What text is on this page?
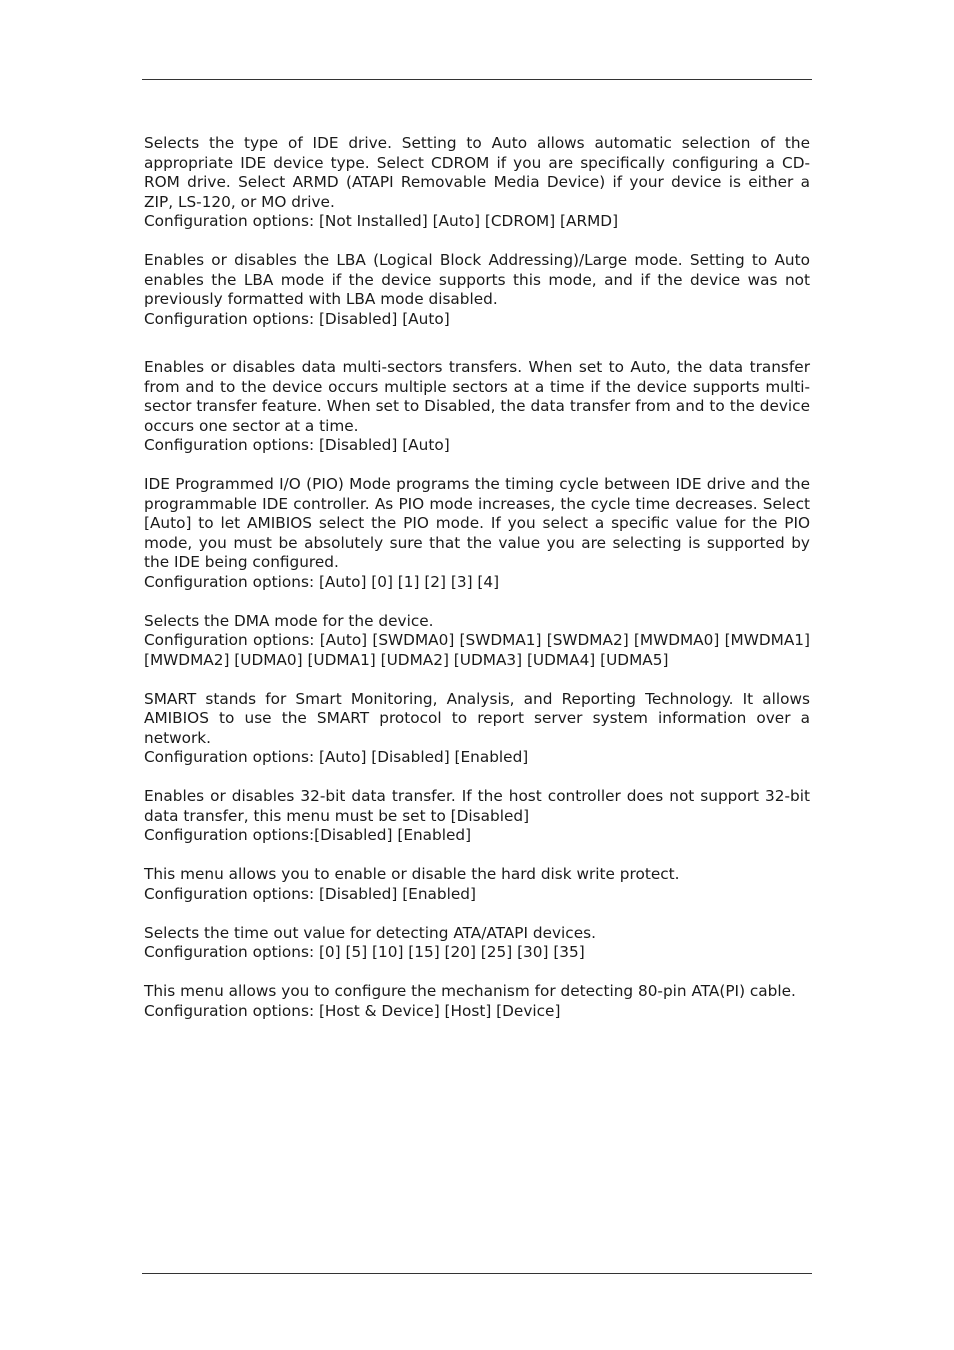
Selects the type of IDE drive. Setting to Auto allows automatic selection of the appropriate IDE device type. Select CDROM if you are specifically configuring a CD-ROM drive. Select ARMD (ATAPI Removable Media Device) if your device is either a ZIP, LS-120, or MO drive.

Configuration options: [Not Installed] [Auto] [CDROM] [ARMD]

Enables or disables the LBA (Logical Block Addressing)/Large mode. Setting to Auto enables the LBA mode if the device supports this mode, and if the device was not previously formatted with LBA mode disabled.

Configuration options: [Disabled] [Auto]

Enables or disables data multi-sectors transfers. When set to Auto, the data transfer from and to the device occurs multiple sectors at a time if the device supports multi-sector transfer feature. When set to Disabled, the data transfer from and to the device occurs one sector at a time.

Configuration options: [Disabled] [Auto]

IDE Programmed I/O (PIO) Mode programs the timing cycle between IDE drive and the programmable IDE controller. As PIO mode increases, the cycle time decreases. Select [Auto] to let AMIBIOS select the PIO mode. If you select a specific value for the PIO mode, you must be absolutely sure that the value you are selecting is supported by the IDE being configured.

Configuration options: [Auto] [0] [1] [2] [3] [4]

Selects the DMA mode for the device.

Configuration options: [Auto] [SWDMA0] [SWDMA1] [SWDMA2] [MWDMA0] [MWDMA1] [MWDMA2] [UDMA0] [UDMA1] [UDMA2] [UDMA3] [UDMA4] [UDMA5]

SMART stands for Smart Monitoring, Analysis, and Reporting Technology. It allows AMIBIOS to use the SMART protocol to report server system information over a network.

Configuration options: [Auto] [Disabled] [Enabled]

Enables or disables 32-bit data transfer. If the host controller does not support 32-bit data transfer, this menu must be set to [Disabled]

Configuration options:[Disabled] [Enabled]

This menu allows you to enable or disable the hard disk write protect.

Configuration options: [Disabled] [Enabled]

Selects the time out value for detecting ATA/ATAPI devices.

Configuration options: [0] [5] [10] [15] [20] [25] [30] [35]

This menu allows you to configure the mechanism for detecting 80-pin ATA(PI) cable.

Configuration options: [Host & Device] [Host] [Device]
